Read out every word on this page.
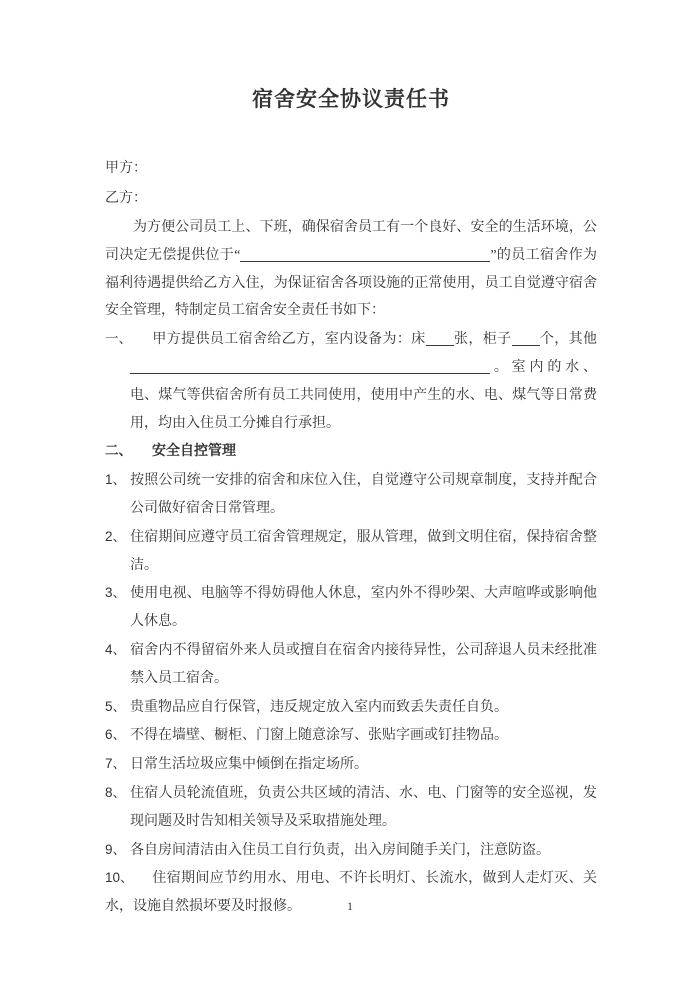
宿舍安全协议责任书
甲方：
乙方：

为方便公司员工上、下班，确保宿舍员工有一个良好、安全的生活环境，公司决定无偿提供位于“	”的员工宿舍作为福利待遇提供给乙方入住，为保证宿舍各项设施的正常使用，员工自觉遵守宿舍安全管理，特制定员工宿舍安全责任书如下：

一、 甲方提供员工宿舍给乙方，室内设备为：床 张，柜子 个，其他。室内的水、电、煤气等供宿舍所有员工共同使用，使用中产生的水、电、煤气等日常费用，均由入住员工分摊自行承担。
二、 安全自控管理
1、 按照公司统一安排的宿舍和床位入住，自觉遵守公司规章制度，支持并配合公司做好宿舍日常管理。
2、 住宿期间应遵守员工宿舍管理规定，服从管理，做到文明住宿，保持宿舍整洁。
3、 使用电视、电脑等不得妨碍他人休息，室内外不得吵架、大声喧哗或影响他人休息。
4、 宿舍内不得留宿外来人员或擅自在宿舍内接待异性，公司辞退人员未经批准禁入员工宿舍。
5、 贵重物品应自行保管，违反规定放入室内而致丢失责任自负。
6、 不得在墙壁、橱柜、门窗上随意涂写、张贴字画或钉挂物品。
7、 日常生活垃圾应集中倾倒在指定场所。
8、 住宿人员轮流值班，负责公共区域的清洁、水、电、门窗等的安全巡视，发现问题及时告知相关领导及采取措施处理。
9、 各自房间清洁由入住员工自行负责，出入房间随手关门，注意防盗。
10、 住宿期间应节约用水、用电、不许长明灯、长流水，做到人走灯灭、关水，设施自然损坏要及时报修。	1
